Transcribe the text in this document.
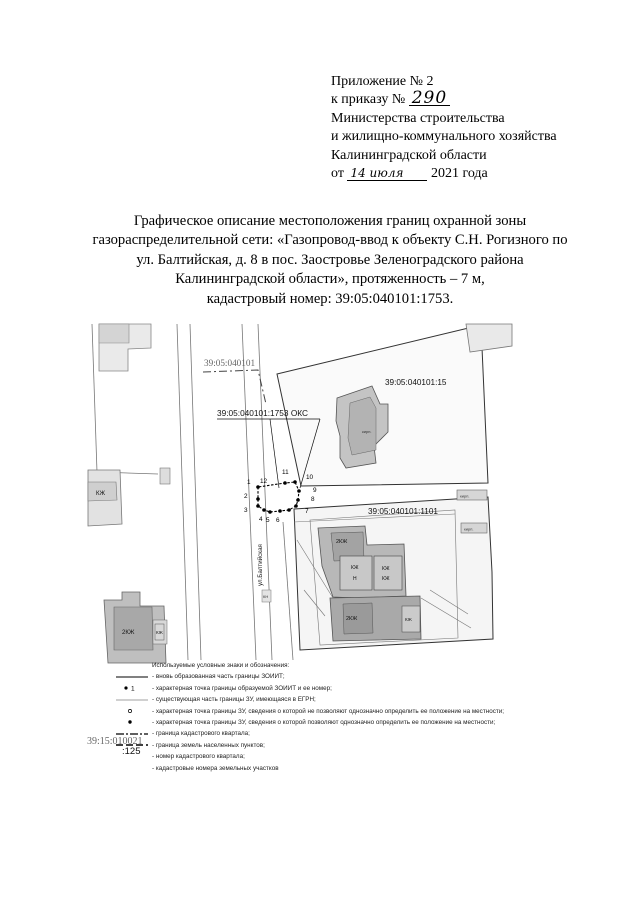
Приложение № 2
к приказу № 290
Министерства строительства
и жилищно-коммунального хозяйства
Калининградской области
от 14 июля 2021 года
Графическое описание местоположения границ охранной зоны
газораспределительной сети: «Газопровод-ввод к объекту С.Н. Рогизного по
ул. Балтийская, д. 8 в пос. Заостровье Зеленоградского района
Калининградской области», протяженность – 7 м,
кадастровый номер: 39:05:040101:1753.
КЖ
2КЖ	КЖ
кирп.
39:05:040101:15
2КЖ
КЖ
Н
КЖ
КЖ
2КЖ	КЖ
кирп.
кирп.
КН
39:05:040101:1101
39:05:040101
39:05:040101:1753 ОКС
1
2
3
4 5 6
7
8
9
10
11
12
ул.Балтийская
1
39:15:010021
:125
Используемые условные знаки и обозначения:
- вновь образованная часть границы ЗОИИТ;
- характерная точка границы образуемой ЗОИИТ и ее номер;
- существующая часть границы ЗУ, имеющаяся в ЕГРН;
- характерная точка границы ЗУ, сведения о которой не позволяют однозначно определить ее положение на местности;
- характерная точка границы ЗУ, сведения о которой позволяют однозначно определить ее положение на местности;
- граница кадастрового квартала;
- граница земель населенных пунктов;
- номер кадастрового квартала;
- кадастровые номера земельных участков
